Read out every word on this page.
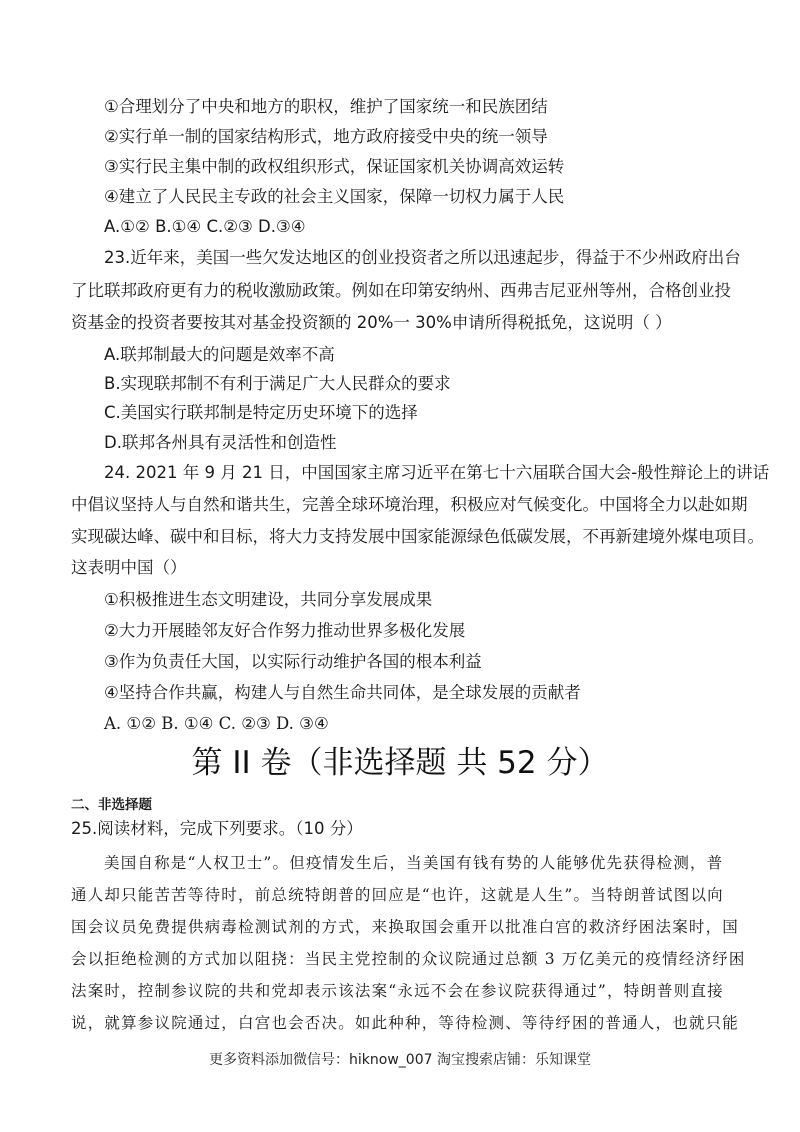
①合理划分了中央和地方的职权，维护了国家统一和民族团结
②实行单一制的国家结构形式，地方政府接受中央的统一领导
③实行民主集中制的政权组织形式，保证国家机关协调高效运转
④建立了人民民主专政的社会主义国家，保障一切权力属于人民
A.①② B.①④ C.②③ D.③④
23.近年来，美国一些欠发达地区的创业投资者之所以迅速起步，得益于不少州政府出台
了比联邦政府更有力的税收激励政策。例如在印第安纳州、西弗吉尼亚州等州，合格创业投
资基金的投资者要按其对基金投资额的 20%一 30%申请所得税抵免，这说明（ ）
A.联邦制最大的问题是效率不高
B.实现联邦制不有利于满足广大人民群众的要求
C.美国实行联邦制是特定历史环境下的选择
D.联邦各州具有灵活性和创造性
24. 2021 年 9 月 21 日，中国国家主席习近平在第七十六届联合国大会-般性辩论上的讲话
中倡议坚持人与自然和谐共生，完善全球环境治理，积极应对气候变化。中国将全力以赴如期
实现碳达峰、碳中和目标，将大力支持发展中国家能源绿色低碳发展，不再新建境外煤电项目。
这表明中国（）
①积极推进生态文明建设，共同分享发展成果
②大力开展睦邻友好合作努力推动世界多极化发展
③作为负责任大国，以实际行动维护各国的根本利益
④坚持合作共赢，构建人与自然生命共同体，是全球发展的贡献者
A. ①② B. ①④ C. ②③ D. ③④
第 II 卷（非选择题 共 52 分）
二、非选择题
25.阅读材料，完成下列要求。（10 分）
美国自称是“人权卫士”。但疫情发生后，当美国有钱有势的人能够优先获得检测，普
通人却只能苦苦等待时，前总统特朗普的回应是“也许，这就是人生”。当特朗普试图以向
国会议员免费提供病毒检测试剂的方式，来换取国会重开以批准白宫的救济纾困法案时，国
会以拒绝检测的方式加以阻挠：当民主党控制的众议院通过总额 3 万亿美元的疫情经济纾困
法案时，控制参议院的共和党却表示该法案“永远不会在参议院获得通过”，特朗普则直接
说，就算参议院通过，白宫也会否决。如此种种，等待检测、等待纾困的普通人，也就只能
更多资料添加微信号：hiknow_007 淘宝搜索店铺：乐知课堂
